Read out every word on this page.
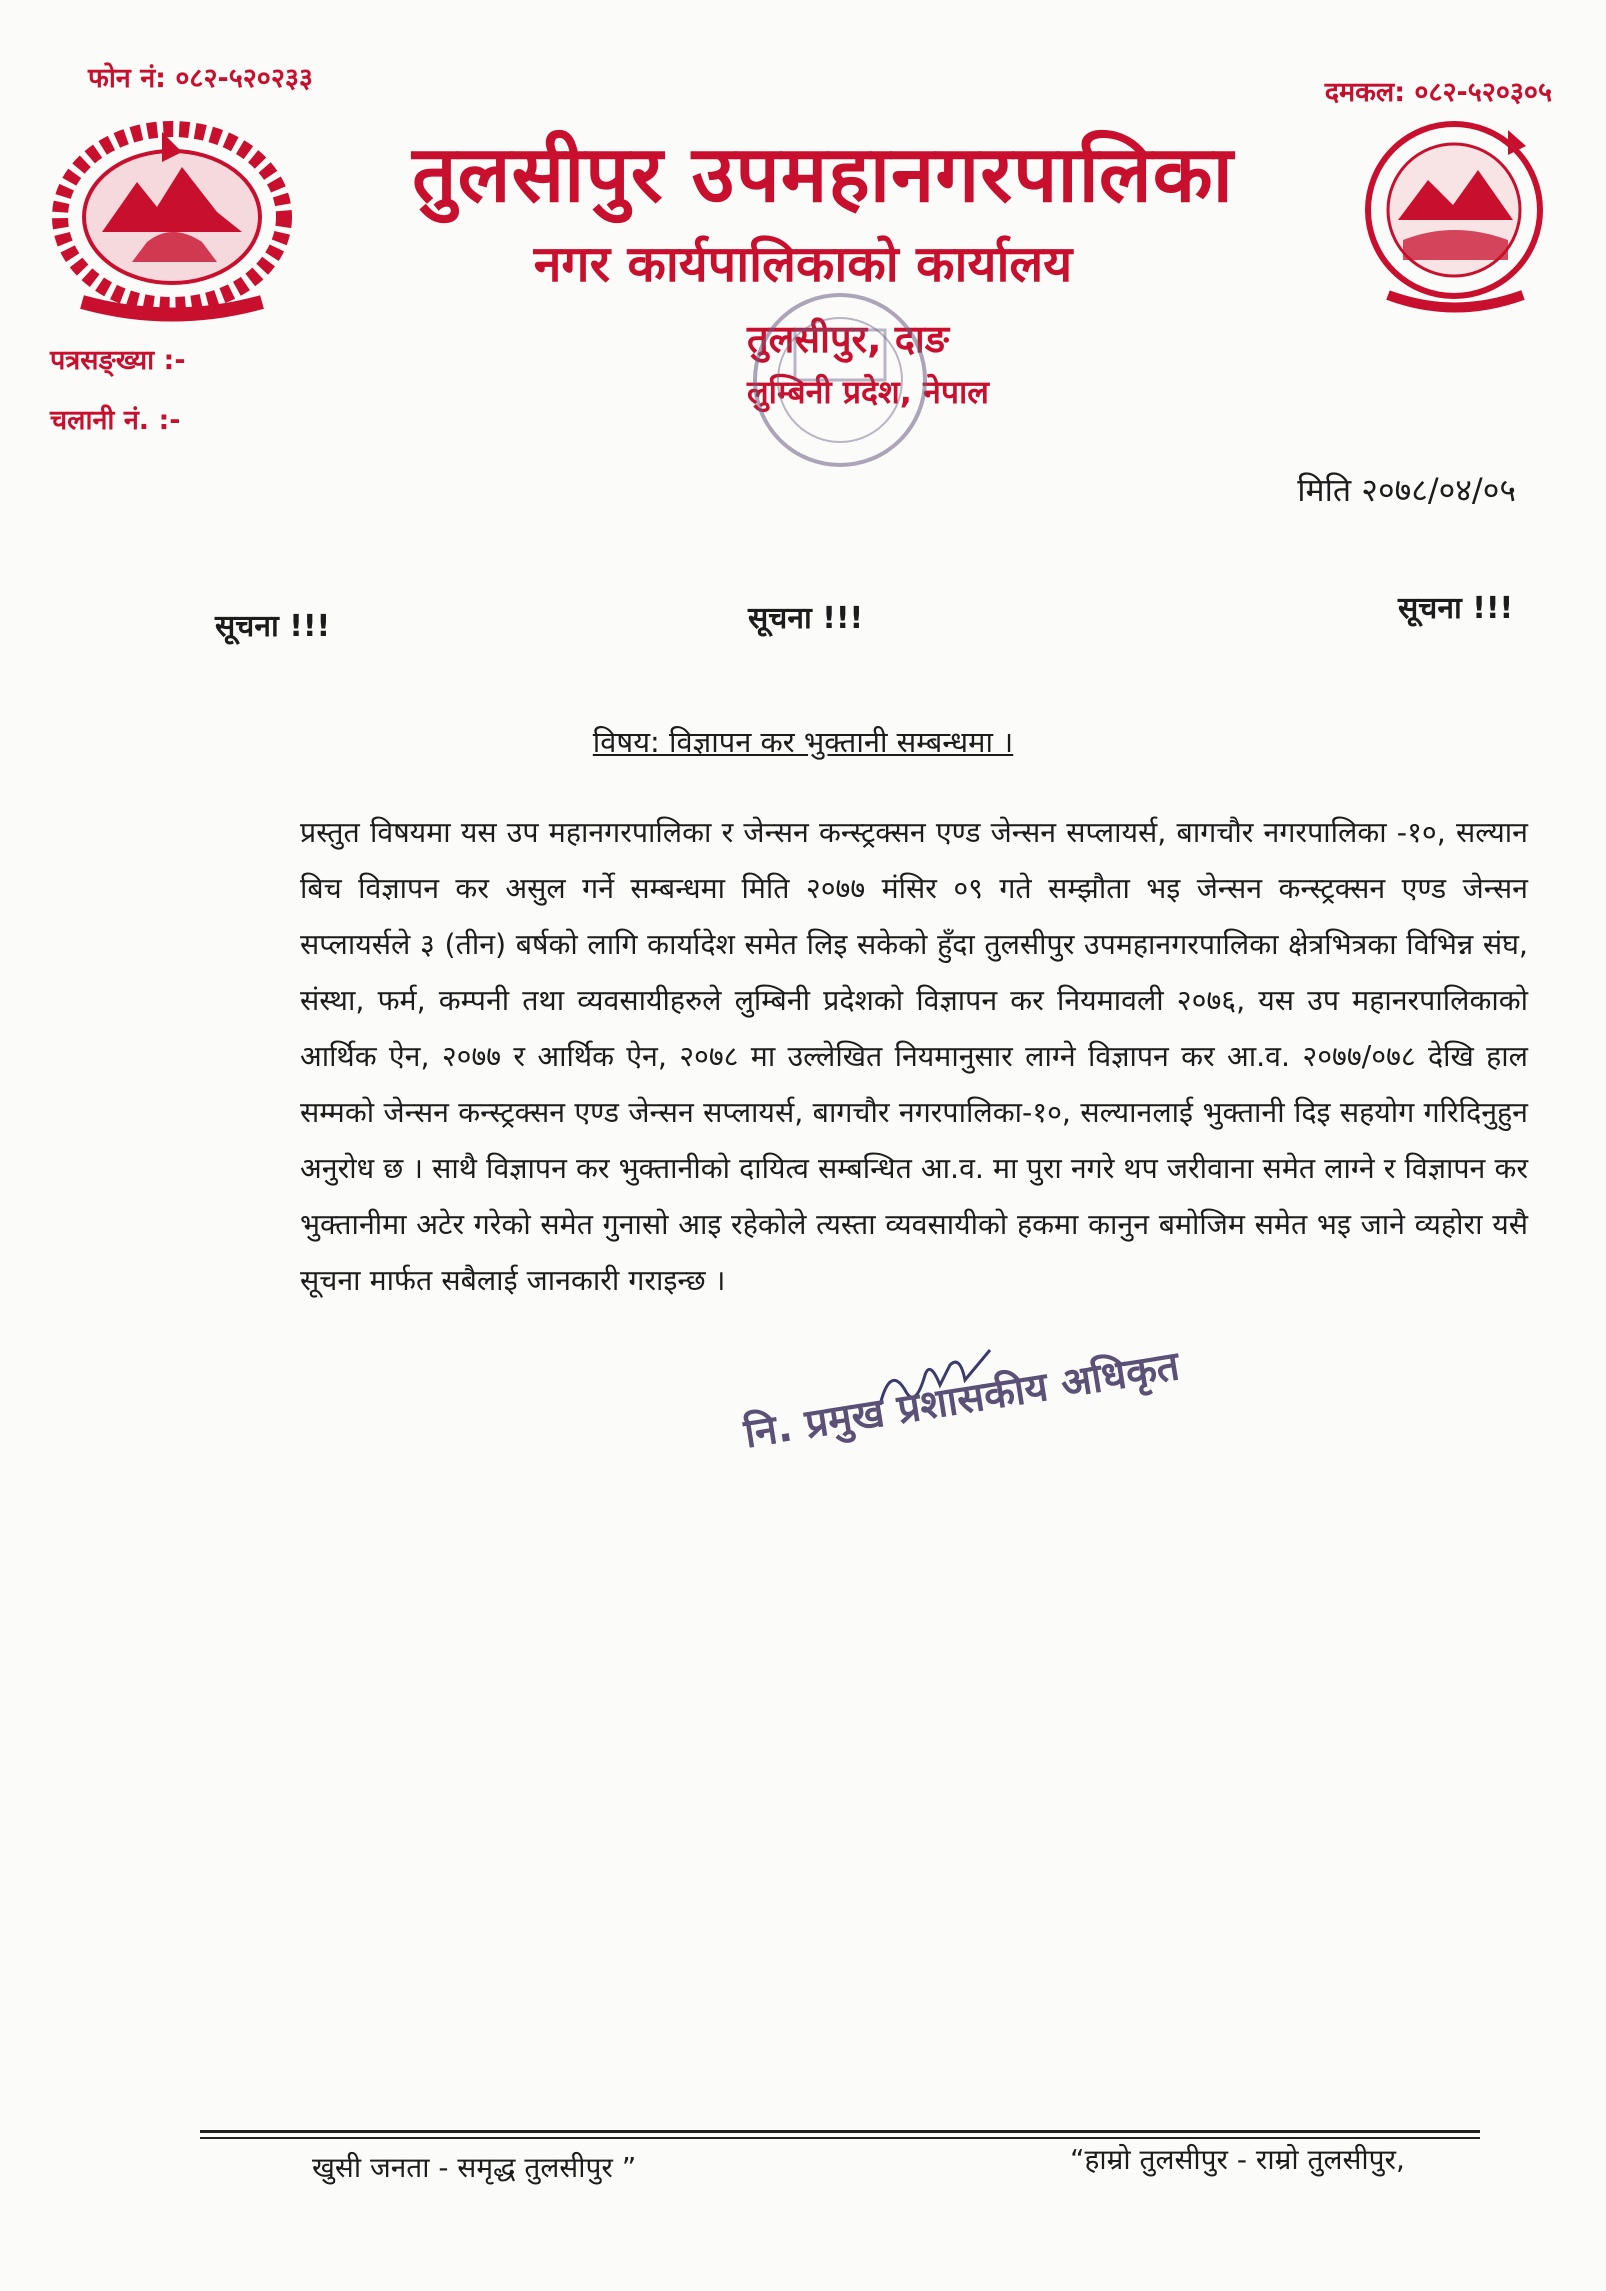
फोन नं: ०८२-५२०२३३	दमकल: ०८२-५२०३०५
तुलसीपुर उपमहानगरपालिका
नगर कार्यपालिकाको कार्यालय
तुलसीपुर, दाङ
लुम्बिनी प्रदेश, नेपाल
पत्रसङ्ख्या :-
चलानी नं. :-
मिति २०७८/०४/०५
सूचना !!!	सूचना !!!	सूचना !!!
विषय: विज्ञापन कर भुक्तानी सम्बन्धमा ।
प्रस्तुत विषयमा यस उप महानगरपालिका र जेन्सन कन्स्ट्रक्सन एण्ड जेन्सन सप्लायर्स, बागचौर नगरपालिका -१०, सल्यान बिच विज्ञापन कर असुल गर्ने सम्बन्धमा मिति २०७७ मंसिर ०९ गते सम्झौता भइ जेन्सन कन्स्ट्रक्सन एण्ड जेन्सन सप्लायर्सले ३ (तीन) बर्षको लागि कार्यादेश समेत लिइ सकेको हुँदा तुलसीपुर उपमहानगरपालिका क्षेत्रभित्रका विभिन्न संघ, संस्था, फर्म, कम्पनी तथा व्यवसायीहरुले लुम्बिनी प्रदेशको विज्ञापन कर नियमावली २०७६, यस उप महानरपालिकाको आर्थिक ऐन, २०७७ र आर्थिक ऐन, २०७८ मा उल्लेखित नियमानुसार लाग्ने विज्ञापन कर आ.व. २०७७/०७८ देखि हाल सम्मको जेन्सन कन्स्ट्रक्सन एण्ड जेन्सन सप्लायर्स, बागचौर नगरपालिका-१०, सल्यानलाई भुक्तानी दिइ सहयोग गरिदिनुहुन अनुरोध छ । साथै विज्ञापन कर भुक्तानीको दायित्व सम्बन्धित आ.व. मा पुरा नगरे थप जरीवाना समेत लाग्ने र विज्ञापन कर भुक्तानीमा अटेर गरेको समेत गुनासो आइ रहेकोले त्यस्ता व्यवसायीको हकमा कानुन बमोजिम समेत भइ जाने व्यहोरा यसै सूचना मार्फत सबैलाई जानकारी गराइन्छ ।
नि. प्रमुख प्रशासकीय अधिकृत
खुसी जनता - समृद्ध तुलसीपुर ”	“हाम्रो तुलसीपुर - राम्रो तुलसीपुर,
